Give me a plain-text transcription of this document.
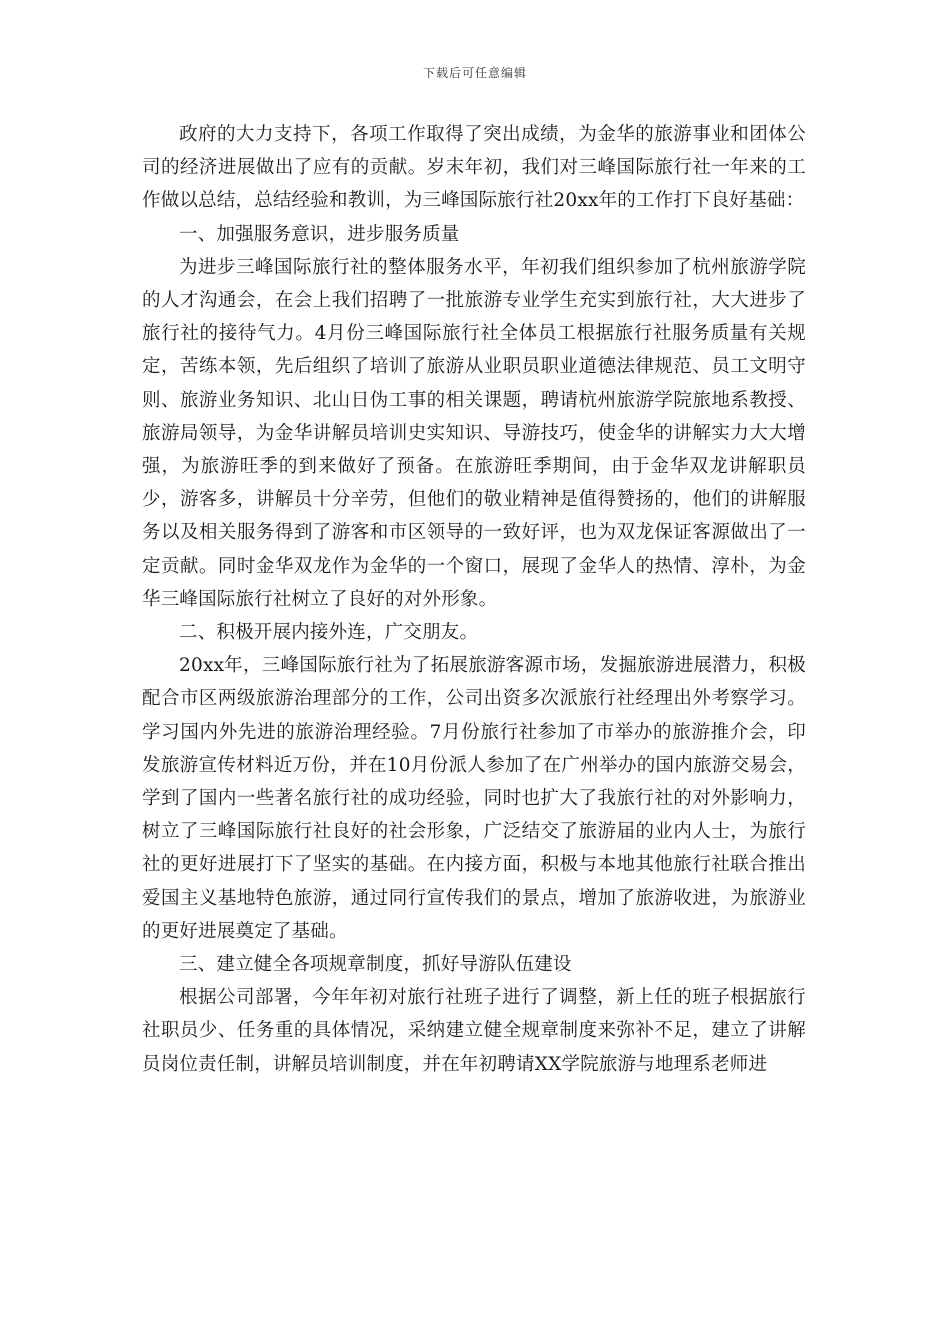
下载后可任意编辑

政府的大力支持下，各项工作取得了突出成绩，为金华的旅游事业和团体公司的经济进展做出了应有的贡献。岁末年初，我们对三峰国际旅行社一年来的工作做以总结，总结经验和教训，为三峰国际旅行社20xx年的工作打下良好基础：

一、加强服务意识，进步服务质量

为进步三峰国际旅行社的整体服务水平，年初我们组织参加了杭州旅游学院的人才沟通会，在会上我们招聘了一批旅游专业学生充实到旅行社，大大进步了旅行社的接待气力。4月份三峰国际旅行社全体员工根据旅行社服务质量有关规定，苦练本领，先后组织了培训了旅游从业职员职业道德法律规范、员工文明守则、旅游业务知识、北山日伪工事的相关课题，聘请杭州旅游学院旅地系教授、旅游局领导，为金华讲解员培训史实知识、导游技巧，使金华的讲解实力大大增强，为旅游旺季的到来做好了预备。在旅游旺季期间，由于金华双龙讲解职员少，游客多，讲解员十分辛劳，但他们的敬业精神是值得赞扬的，他们的讲解服务以及相关服务得到了游客和市区领导的一致好评，也为双龙保证客源做出了一定贡献。同时金华双龙作为金华的一个窗口，展现了金华人的热情、淳朴，为金华三峰国际旅行社树立了良好的对外形象。

二、积极开展内接外连，广交朋友。

20xx年，三峰国际旅行社为了拓展旅游客源市场，发掘旅游进展潜力，积极配合市区两级旅游治理部分的工作，公司出资多次派旅行社经理出外考察学习。学习国内外先进的旅游治理经验。7月份旅行社参加了市举办的旅游推介会，印发旅游宣传材料近万份，并在10月份派人参加了在广州举办的国内旅游交易会，学到了国内一些著名旅行社的成功经验，同时也扩大了我旅行社的对外影响力，树立了三峰国际旅行社良好的社会形象，广泛结交了旅游届的业内人士，为旅行社的更好进展打下了坚实的基础。在内接方面，积极与本地其他旅行社联合推出爱国主义基地特色旅游，通过同行宣传我们的景点，增加了旅游收进，为旅游业的更好进展奠定了基础。

三、建立健全各项规章制度，抓好导游队伍建设

根据公司部署，今年年初对旅行社班子进行了调整，新上任的班子根据旅行社职员少、任务重的具体情况，采纳建立健全规章制度来弥补不足，建立了讲解员岗位责任制，讲解员培训制度，并在年初聘请XX学院旅游与地理系老师进
